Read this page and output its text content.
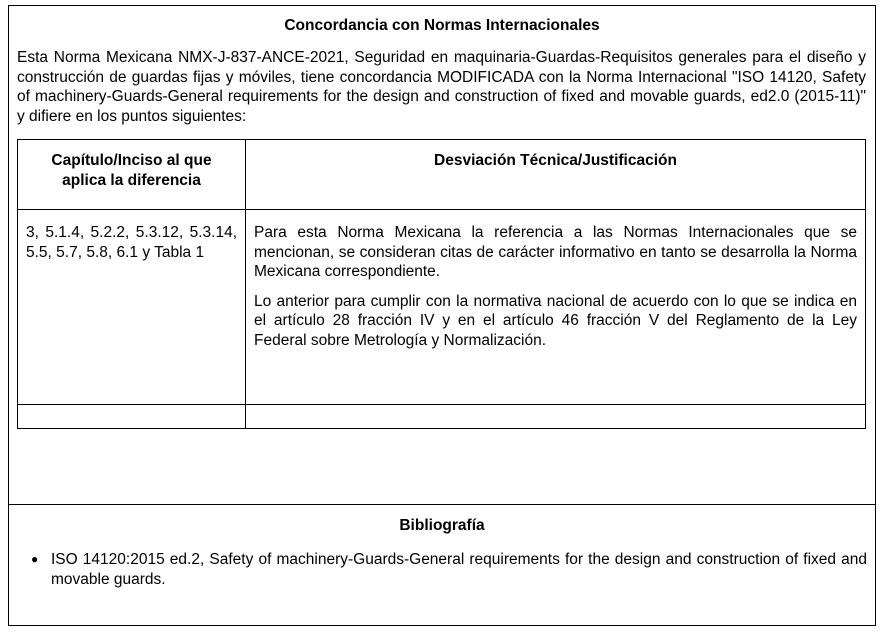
Concordancia con Normas Internacionales

Esta Norma Mexicana NMX-J-837-ANCE-2021, Seguridad en maquinaria-Guardas-Requisitos generales para el diseño y construcción de guardas fijas y móviles, tiene concordancia MODIFICADA con la Norma Internacional "ISO 14120, Safety of machinery-Guards-General requirements for the design and construction of fixed and movable guards, ed2.0 (2015-11)" y difiere en los puntos siguientes:

Capítulo/Inciso al que aplica la diferencia	Desviación Técnica/Justificación

3, 5.1.4, 5.2.2, 5.3.12, 5.3.14, 5.5, 5.7, 5.8, 6.1 y Tabla 1	Para esta Norma Mexicana la referencia a las Normas Internacionales que se mencionan, se consideran citas de carácter informativo en tanto se desarrolla la Norma Mexicana correspondiente.

Lo anterior para cumplir con la normativa nacional de acuerdo con lo que se indica en el artículo 28 fracción IV y en el artículo 46 fracción V del Reglamento de la Ley Federal sobre Metrología y Normalización.

Bibliografía
● ISO 14120:2015 ed.2, Safety of machinery-Guards-General requirements for the design and construction of fixed and movable guards.
